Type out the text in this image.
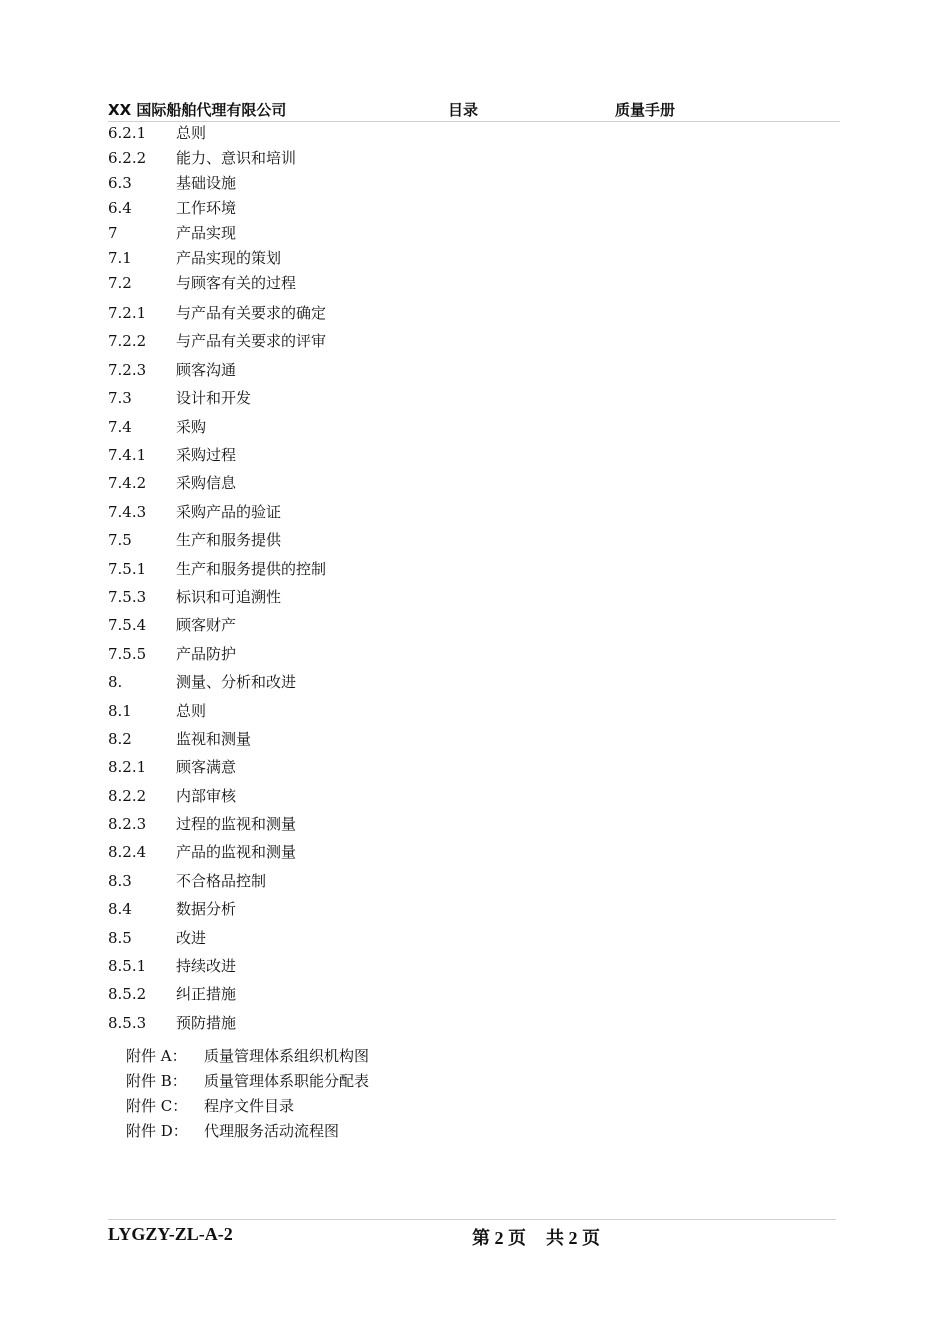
XX 国际船舶代理有限公司	目录	质量手册
6.2.1	总则
6.2.2	能力、意识和培训
6.3	基础设施
6.4	工作环境
7	产品实现
7.1	产品实现的策划
7.2	与顾客有关的过程
7.2.1	与产品有关要求的确定
7.2.2	与产品有关要求的评审
7.2.3	顾客沟通
7.3	设计和开发
7.4	采购
7.4.1	采购过程
7.4.2	采购信息
7.4.3	采购产品的验证
7.5	生产和服务提供
7.5.1	生产和服务提供的控制
7.5.3	标识和可追溯性
7.5.4	顾客财产
7.5.5	产品防护
8.	测量、分析和改进
8.1	总则
8.2	监视和测量
8.2.1	顾客满意
8.2.2	内部审核
8.2.3	过程的监视和测量
8.2.4	产品的监视和测量
8.3	不合格品控制
8.4	数据分析
8.5	改进
8.5.1	持续改进
8.5.2	纠正措施
8.5.3	预防措施
附件 A：	质量管理体系组织机构图
附件 B：	质量管理体系职能分配表
附件 C：	程序文件目录
附件 D：	代理服务活动流程图
LYGZY-ZL-A-2	第 2 页 共 2 页
